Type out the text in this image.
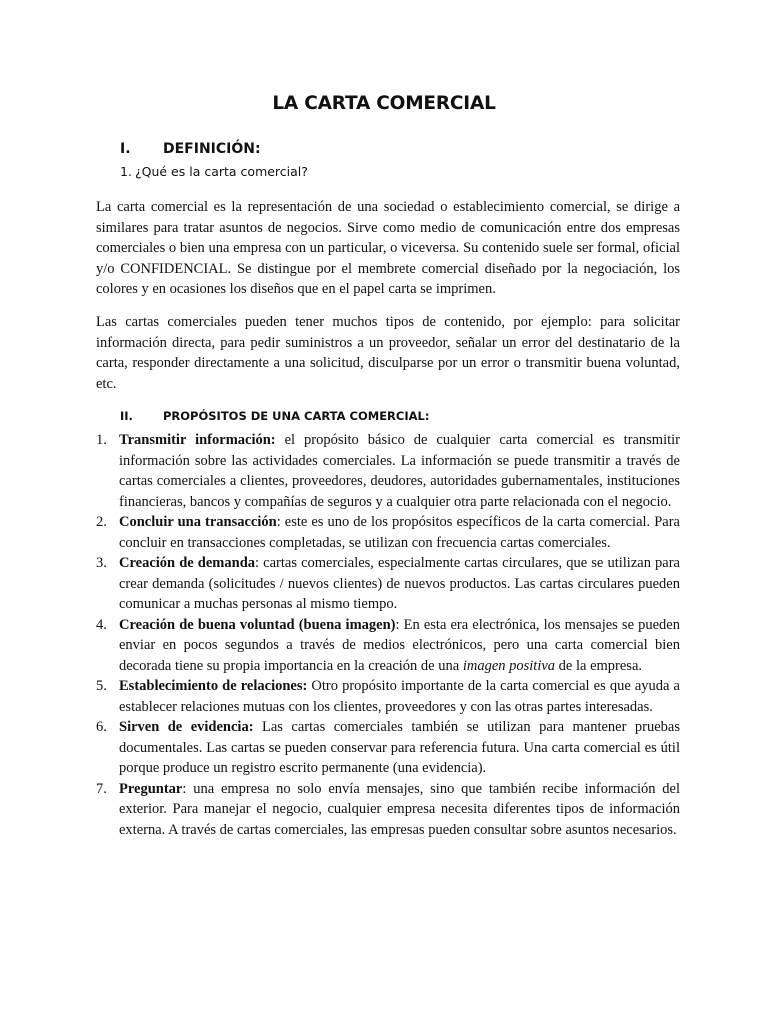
LA CARTA COMERCIAL
I. DEFINICIÓN:
1. ¿Qué es la carta comercial?

La carta comercial es la representación de una sociedad o establecimiento comercial, se dirige a similares para tratar asuntos de negocios. Sirve como medio de comunicación entre dos empresas comerciales o bien una empresa con un particular, o viceversa. Su contenido suele ser formal, oficial y/o CONFIDENCIAL. Se distingue por el membrete comercial diseñado por la negociación, los colores y en ocasiones los diseños que en el papel carta se imprimen.

Las cartas comerciales pueden tener muchos tipos de contenido, por ejemplo: para solicitar información directa, para pedir suministros a un proveedor, señalar un error del destinatario de la carta, responder directamente a una solicitud, disculparse por un error o transmitir buena voluntad, etc.

II.	PROPÓSITOS DE UNA CARTA COMERCIAL:
1. Transmitir información: el propósito básico de cualquier carta comercial es transmitir información sobre las actividades comerciales. La información se puede transmitir a través de cartas comerciales a clientes, proveedores, deudores, autoridades gubernamentales, instituciones financieras, bancos y compañías de seguros y a cualquier otra parte relacionada con el negocio.
2. Concluir una transacción: este es uno de los propósitos específicos de la carta comercial. Para concluir en transacciones completadas, se utilizan con frecuencia cartas comerciales.
3. Creación de demanda: cartas comerciales, especialmente cartas circulares, que se utilizan para crear demanda (solicitudes / nuevos clientes) de nuevos productos. Las cartas circulares pueden comunicar a muchas personas al mismo tiempo.
4. Creación de buena voluntad (buena imagen): En esta era electrónica, los mensajes se pueden enviar en pocos segundos a través de medios electrónicos, pero una carta comercial bien decorada tiene su propia importancia en la creación de una imagen positiva de la empresa.
5. Establecimiento de relaciones: Otro propósito importante de la carta comercial es que ayuda a establecer relaciones mutuas con los clientes, proveedores y con las otras partes interesadas.
6. Sirven de evidencia: Las cartas comerciales también se utilizan para mantener pruebas documentales. Las cartas se pueden conservar para referencia futura. Una carta comercial es útil porque produce un registro escrito permanente (una evidencia).
7. Preguntar: una empresa no solo envía mensajes, sino que también recibe información del exterior. Para manejar el negocio, cualquier empresa necesita diferentes tipos de información externa. A través de cartas comerciales, las empresas pueden consultar sobre asuntos necesarios.
